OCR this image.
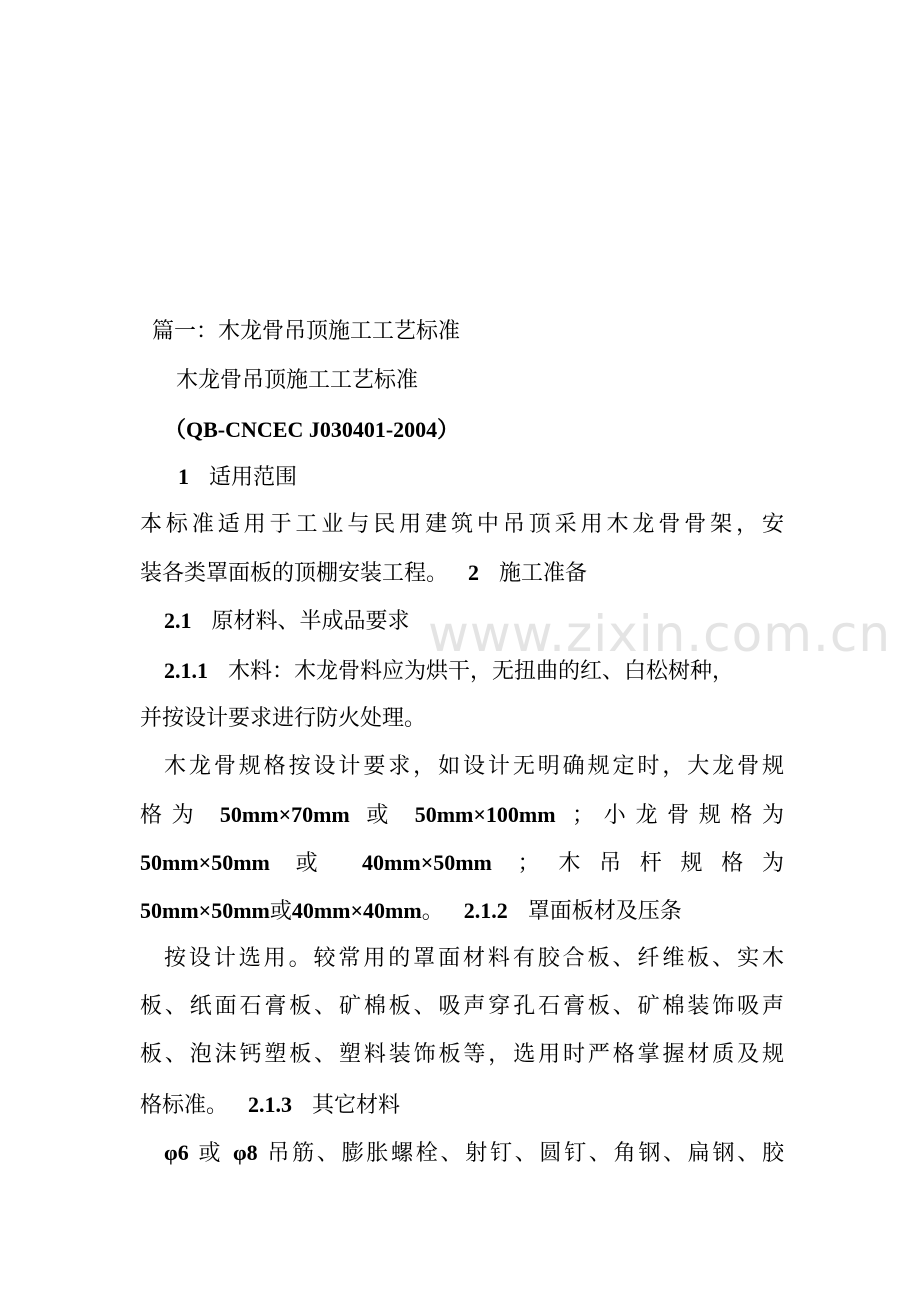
www.zixin.com.cn
篇一：木龙骨吊顶施工工艺标准
木龙骨吊顶施工工艺标准
（QB-CNCEC J030401-2004）
1 适用范围
本标准适用于工业与民用建筑中吊顶采用木龙骨骨架，安
装各类罩面板的顶棚安装工程。 2 施工准备
2.1 原材料、半成品要求
2.1.1 木料：木龙骨料应为烘干，无扭曲的红、白松树种，
并按设计要求进行防火处理。
木龙骨规格按设计要求，如设计无明确规定时，大龙骨规
格为 50mm×70mm 或 50mm×100mm ；小龙骨规格为
50mm×50mm 或 40mm×50mm ；木吊杆规格为
50mm×50mm或40mm×40mm。 2.1.2 罩面板材及压条
按设计选用。较常用的罩面材料有胶合板、纤维板、实木
板、纸面石膏板、矿棉板、吸声穿孔石膏板、矿棉装饰吸声
板、泡沫钙塑板、塑料装饰板等，选用时严格掌握材质及规
格标准。 2.1.3 其它材料
φ6 或 φ8 吊筋、膨胀螺栓、射钉、圆钉、角钢、扁钢、胶
